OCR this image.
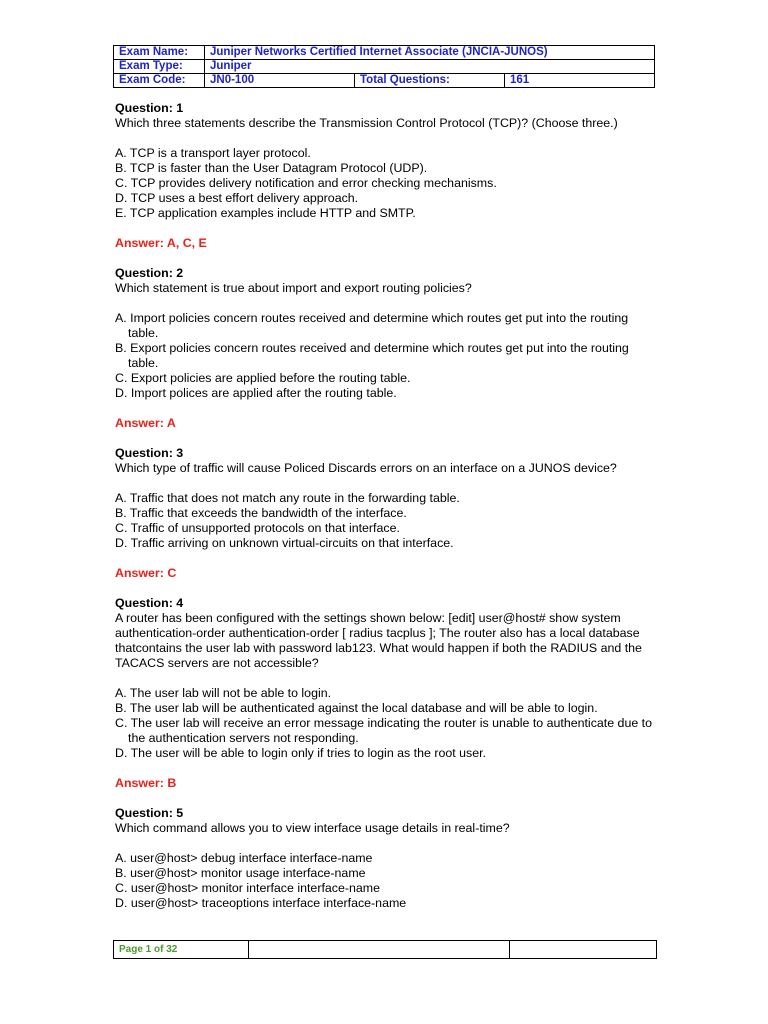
Exam Name:	Juniper Networks Certified Internet Associate (JNCIA-JUNOS)		
Exam Type:	Juniper		
Exam Code:	JN0-100	Total Questions:	161

Question: 1

Which three statements describe the Transmission Control Protocol (TCP)? (Choose three.)

A. TCP is a transport layer protocol.
B. TCP is faster than the User Datagram Protocol (UDP).
C. TCP provides delivery notification and error checking mechanisms.
D. TCP uses a best effort delivery approach.
E. TCP application examples include HTTP and SMTP.

Answer: A, C, E

Question: 2

Which statement is true about import and export routing policies?

A. Import policies concern routes received and determine which routes get put into the routing table.
B. Export policies concern routes received and determine which routes get put into the routing table.
C. Export policies are applied before the routing table.
D. Import polices are applied after the routing table.

Answer: A

Question: 3

Which type of traffic will cause Policed Discards errors on an interface on a JUNOS device?

A. Traffic that does not match any route in the forwarding table.
B. Traffic that exceeds the bandwidth of the interface.
C. Traffic of unsupported protocols on that interface.
D. Traffic arriving on unknown virtual-circuits on that interface.

Answer: C

Question: 4

A router has been configured with the settings shown below: [edit] user@host# show system authentication-order authentication-order [ radius tacplus ]; The router also has a local database thatcontains the user lab with password lab123. What would happen if both the RADIUS and the TACACS servers are not accessible?

A. The user lab will not be able to login.
B. The user lab will be authenticated against the local database and will be able to login.
C. The user lab will receive an error message indicating the router is unable to authenticate due to the authentication servers not responding.
D. The user will be able to login only if tries to login as the root user.

Answer: B

Question: 5

Which command allows you to view interface usage details in real-time?

A. user@host> debug interface interface-name
B. user@host> monitor usage interface-name
C. user@host> monitor interface interface-name
D. user@host> traceoptions interface interface-name
Page 1 of 32		
